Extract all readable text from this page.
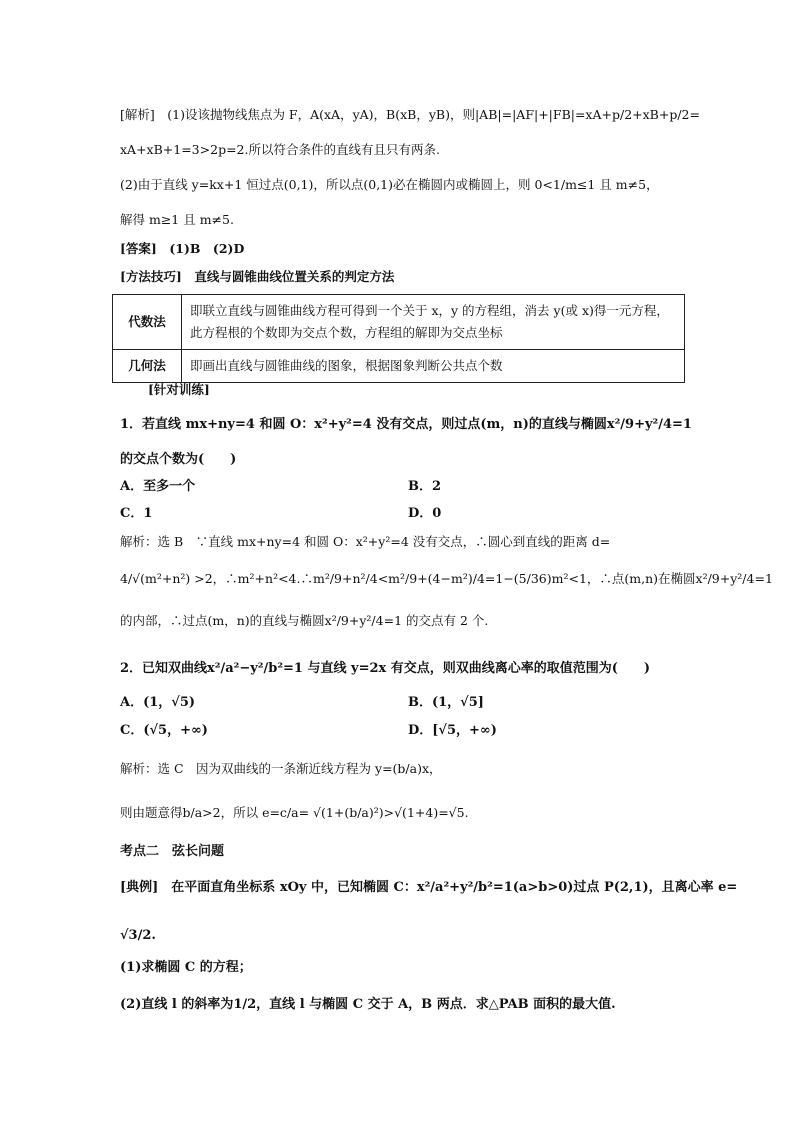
[解析]　(1)设该抛物线焦点为 F，A(xA，yA)，B(xB，yB)，则|AB|=|AF|+|FB|=xA+p/2+xB+p/2=
xA+xB+1=3>2p=2.所以符合条件的直线有且只有两条.
(2)由于直线 y=kx+1 恒过点(0,1)，所以点(0,1)必在椭圆内或椭圆上，则 0<1/m≤1 且 m≠5，
解得 m≥1 且 m≠5.
[答案]　(1)B　(2)D
[方法技巧]　直线与圆锥曲线位置关系的判定方法
代数法	即联立直线与圆锥曲线方程可得到一个关于 x，y 的方程组，消去 y(或 x)得一元方程，此方程根的个数即为交点个数，方程组的解即为交点坐标
几何法	即画出直线与圆锥曲线的图象，根据图象判断公共点个数
[针对训练]
1．若直线 mx+ny=4 和圆 O：x²+y²=4 没有交点，则过点(m，n)的直线与椭圆x²/9+y²/4=1
的交点个数为(　　)
A．至多一个	B．2
C．1	D．0
解析：选 B　∵直线 mx+ny=4 和圆 O：x²+y²=4 没有交点，∴圆心到直线的距离 d=
4/√(m²+n²) >2，∴m²+n²<4.∴m²/9+n²/4<m²/9+(4−m²)/4=1−(5/36)m²<1，∴点(m,n)在椭圆x²/9+y²/4=1
的内部，∴过点(m，n)的直线与椭圆x²/9+y²/4=1 的交点有 2 个.
2．已知双曲线x²/a²−y²/b²=1 与直线 y=2x 有交点，则双曲线离心率的取值范围为(　　)
A．(1，√5)	B．(1，√5]
C．(√5，+∞)	D．[√5，+∞)
解析：选 C　因为双曲线的一条渐近线方程为 y=(b/a)x，
则由题意得b/a>2，所以 e=c/a= √(1+(b/a)²)>√(1+4)=√5.
考点二　弦长问题
[典例]　在平面直角坐标系 xOy 中，已知椭圆 C：x²/a²+y²/b²=1(a>b>0)过点 P(2,1)，且离心率 e=
√3/2.
(1)求椭圆 C 的方程；
(2)直线 l 的斜率为1/2，直线 l 与椭圆 C 交于 A，B 两点．求△PAB 面积的最大值.
